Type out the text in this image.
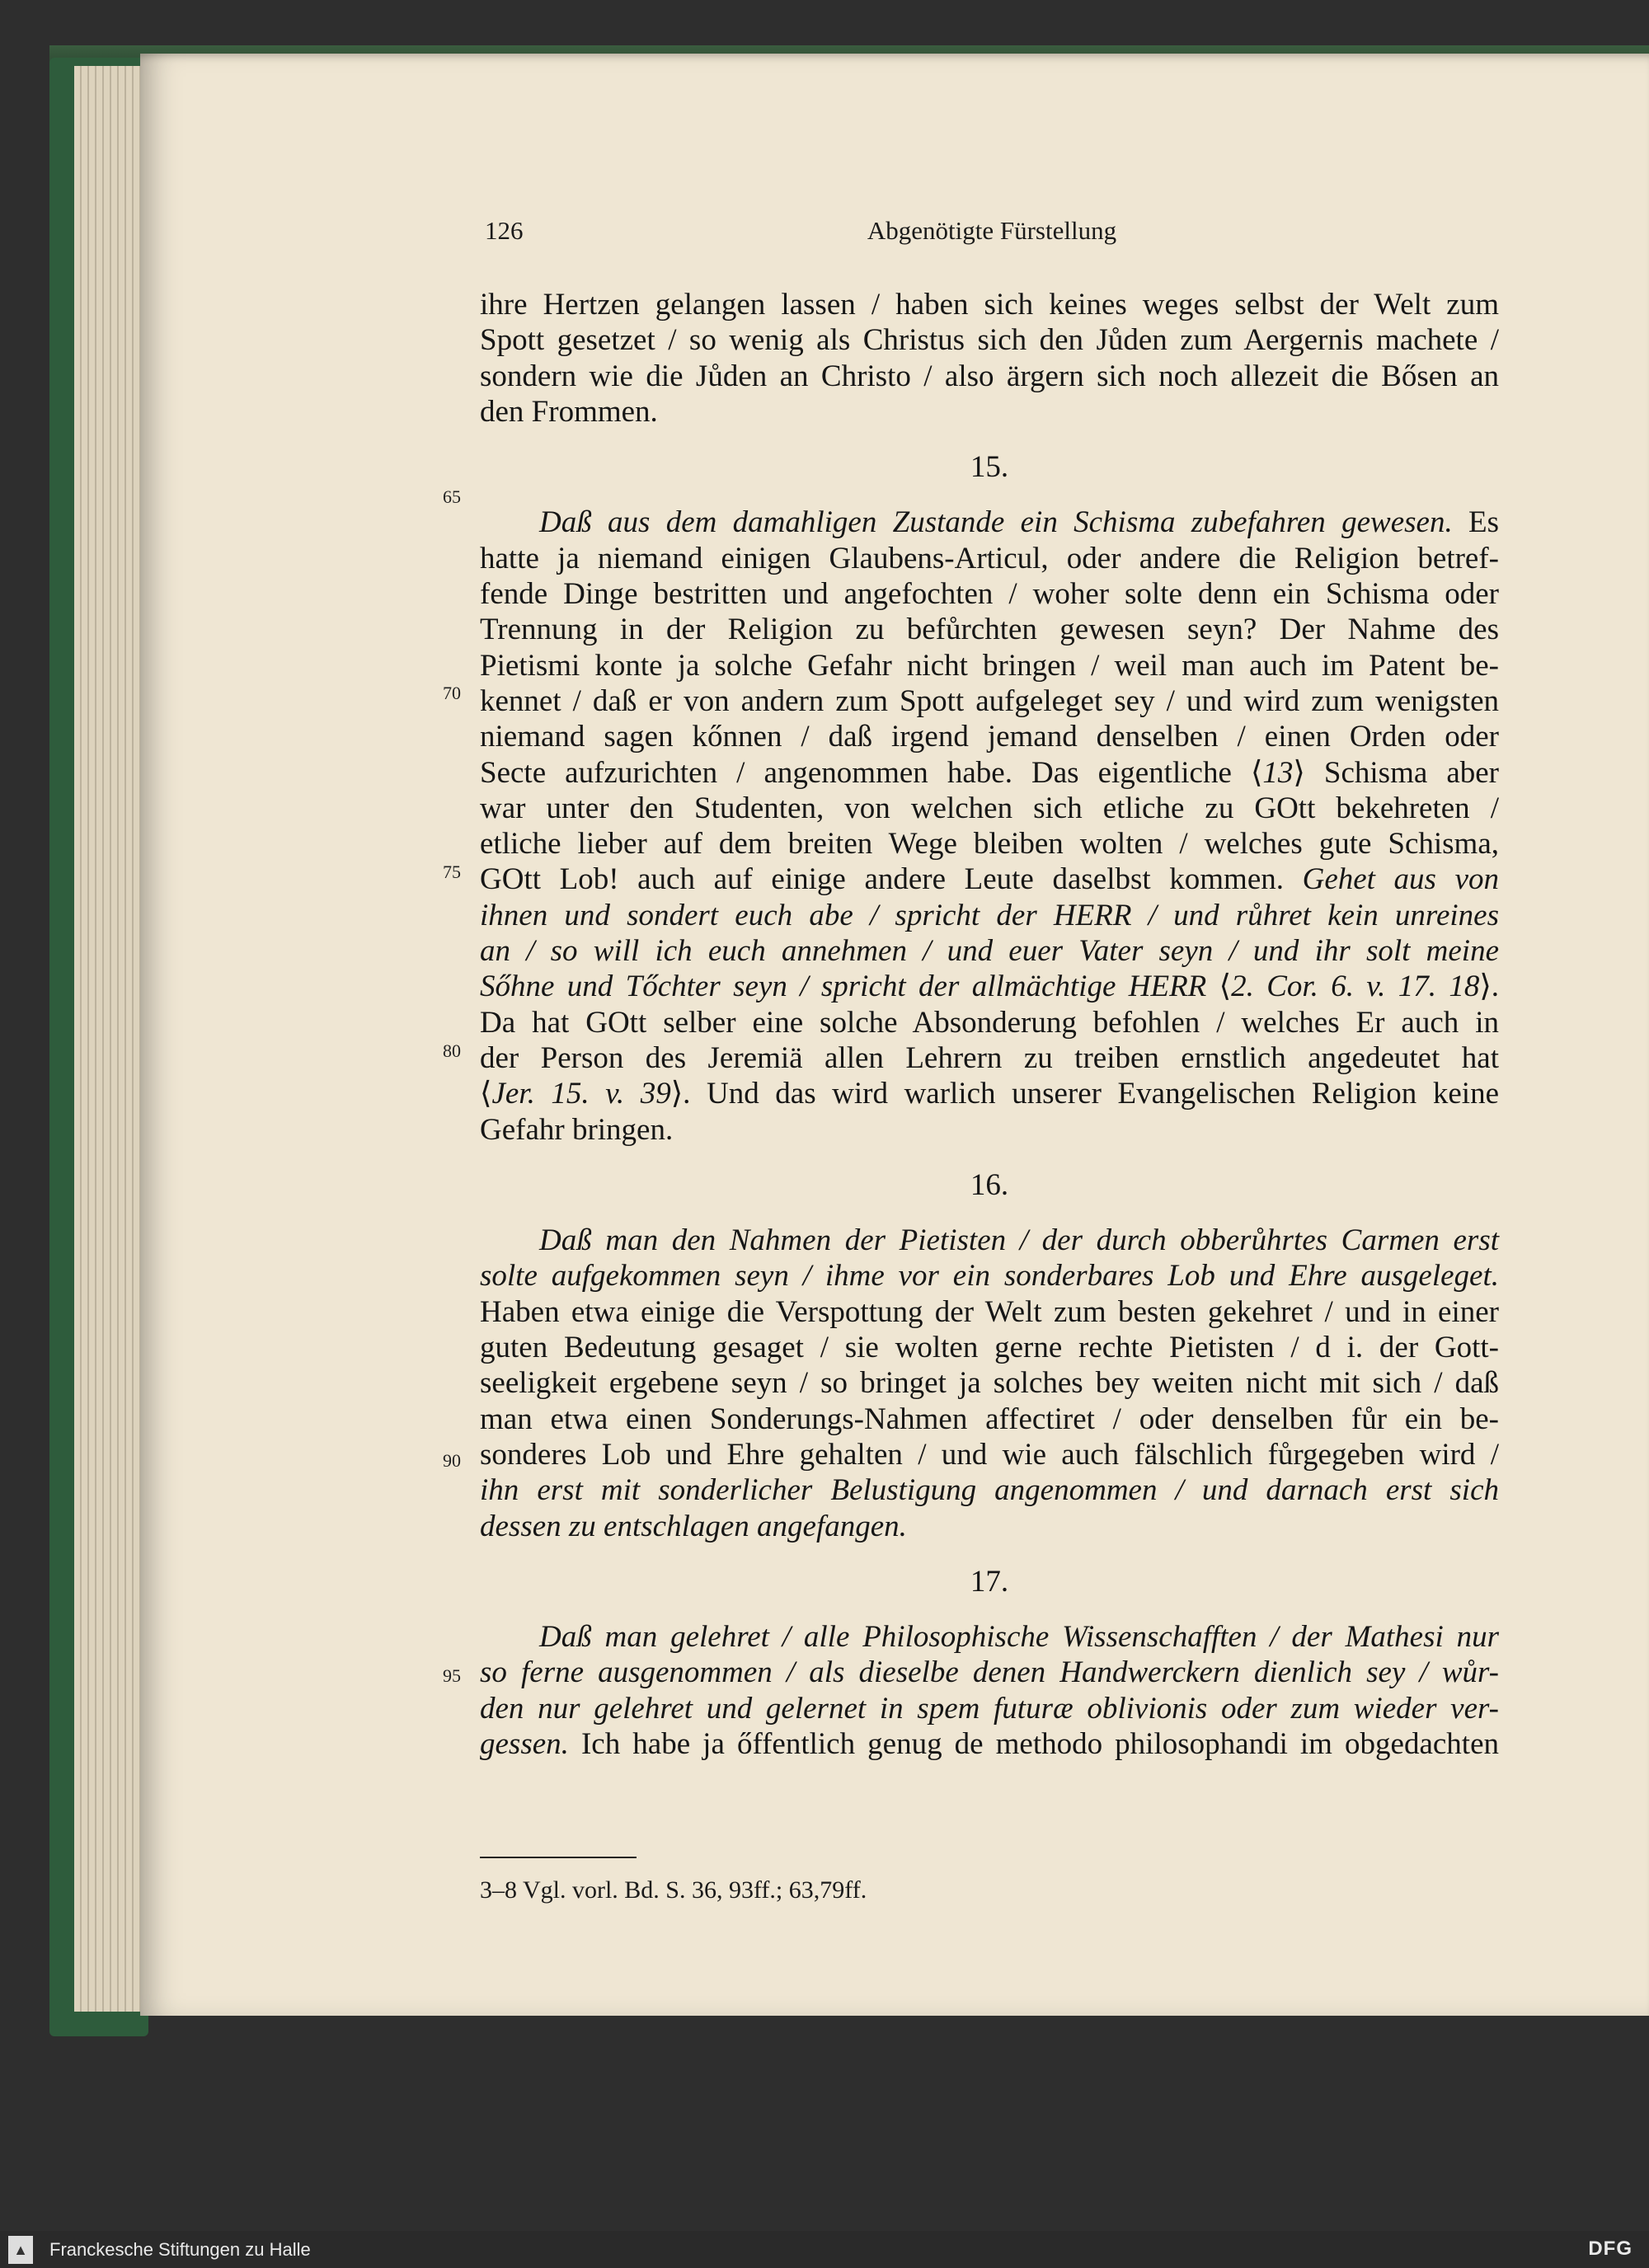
126	Abgenötigte Fürstellung
65
70
75
80
90
95
ihre Hertzen gelangen lassen / haben sich keines weges selbst der Welt zum
Spott gesetzet / so wenig als Christus sich den Jůden zum Aergernis machete /
sondern wie die Jůden an Christo / also ärgern sich noch allezeit die Bősen an
den Frommen.
15.
Daß aus dem damahligen Zustande ein Schisma zubefahren gewesen. Es
hatte ja niemand einigen Glaubens-Articul, oder andere die Religion betref-
fende Dinge bestritten und angefochten / woher solte denn ein Schisma oder
Trennung in der Religion zu befůrchten gewesen seyn? Der Nahme des
Pietismi konte ja solche Gefahr nicht bringen / weil man auch im Patent be-
kennet / daß er von andern zum Spott aufgeleget sey / und wird zum wenigsten
niemand sagen kőnnen / daß irgend jemand denselben / einen Orden oder
Secte aufzurichten / angenommen habe. Das eigentliche ⟨13⟩ Schisma aber
war unter den Studenten, von welchen sich etliche zu GOtt bekehreten /
etliche lieber auf dem breiten Wege bleiben wolten / welches gute Schisma,
GOtt Lob! auch auf einige andere Leute daselbst kommen. Gehet aus von
ihnen und sondert euch abe / spricht der HERR / und růhret kein unreines
an / so will ich euch annehmen / und euer Vater seyn / und ihr solt meine
Sőhne und Tőchter seyn / spricht der allmächtige HERR ⟨2. Cor. 6. v. 17. 18⟩.
Da hat GOtt selber eine solche Absonderung befohlen / welches Er auch in
der Person des Jeremiä allen Lehrern zu treiben ernstlich angedeutet hat
⟨Jer. 15. v. 39⟩. Und das wird warlich unserer Evangelischen Religion keine
Gefahr bringen.
16.
Daß man den Nahmen der Pietisten / der durch obberůhrtes Carmen erst
solte aufgekommen seyn / ihme vor ein sonderbares Lob und Ehre ausgeleget.
Haben etwa einige die Verspottung der Welt zum besten gekehret / und in einer
guten Bedeutung gesaget / sie wolten gerne rechte Pietisten / d i. der Gott-
seeligkeit ergebene seyn / so bringet ja solches bey weiten nicht mit sich / daß
man etwa einen Sonderungs-Nahmen affectiret / oder denselben fůr ein be-
sonderes Lob und Ehre gehalten / und wie auch fälschlich fůrgegeben wird /
ihn erst mit sonderlicher Belustigung angenommen / und darnach erst sich
dessen zu entschlagen angefangen.
17.
Daß man gelehret / alle Philosophische Wissenschafften / der Mathesi nur
so ferne ausgenommen / als dieselbe denen Handwerckern dienlich sey / wůr-
den nur gelehret und gelernet in spem futuræ oblivionis oder zum wieder ver-
gessen. Ich habe ja őffentlich genug de methodo philosophandi im obgedachten
3–8 Vgl. vorl. Bd. S. 36, 93ff.; 63,79ff.
▲ Franckesche Stiftungen zu Halle	DFG
